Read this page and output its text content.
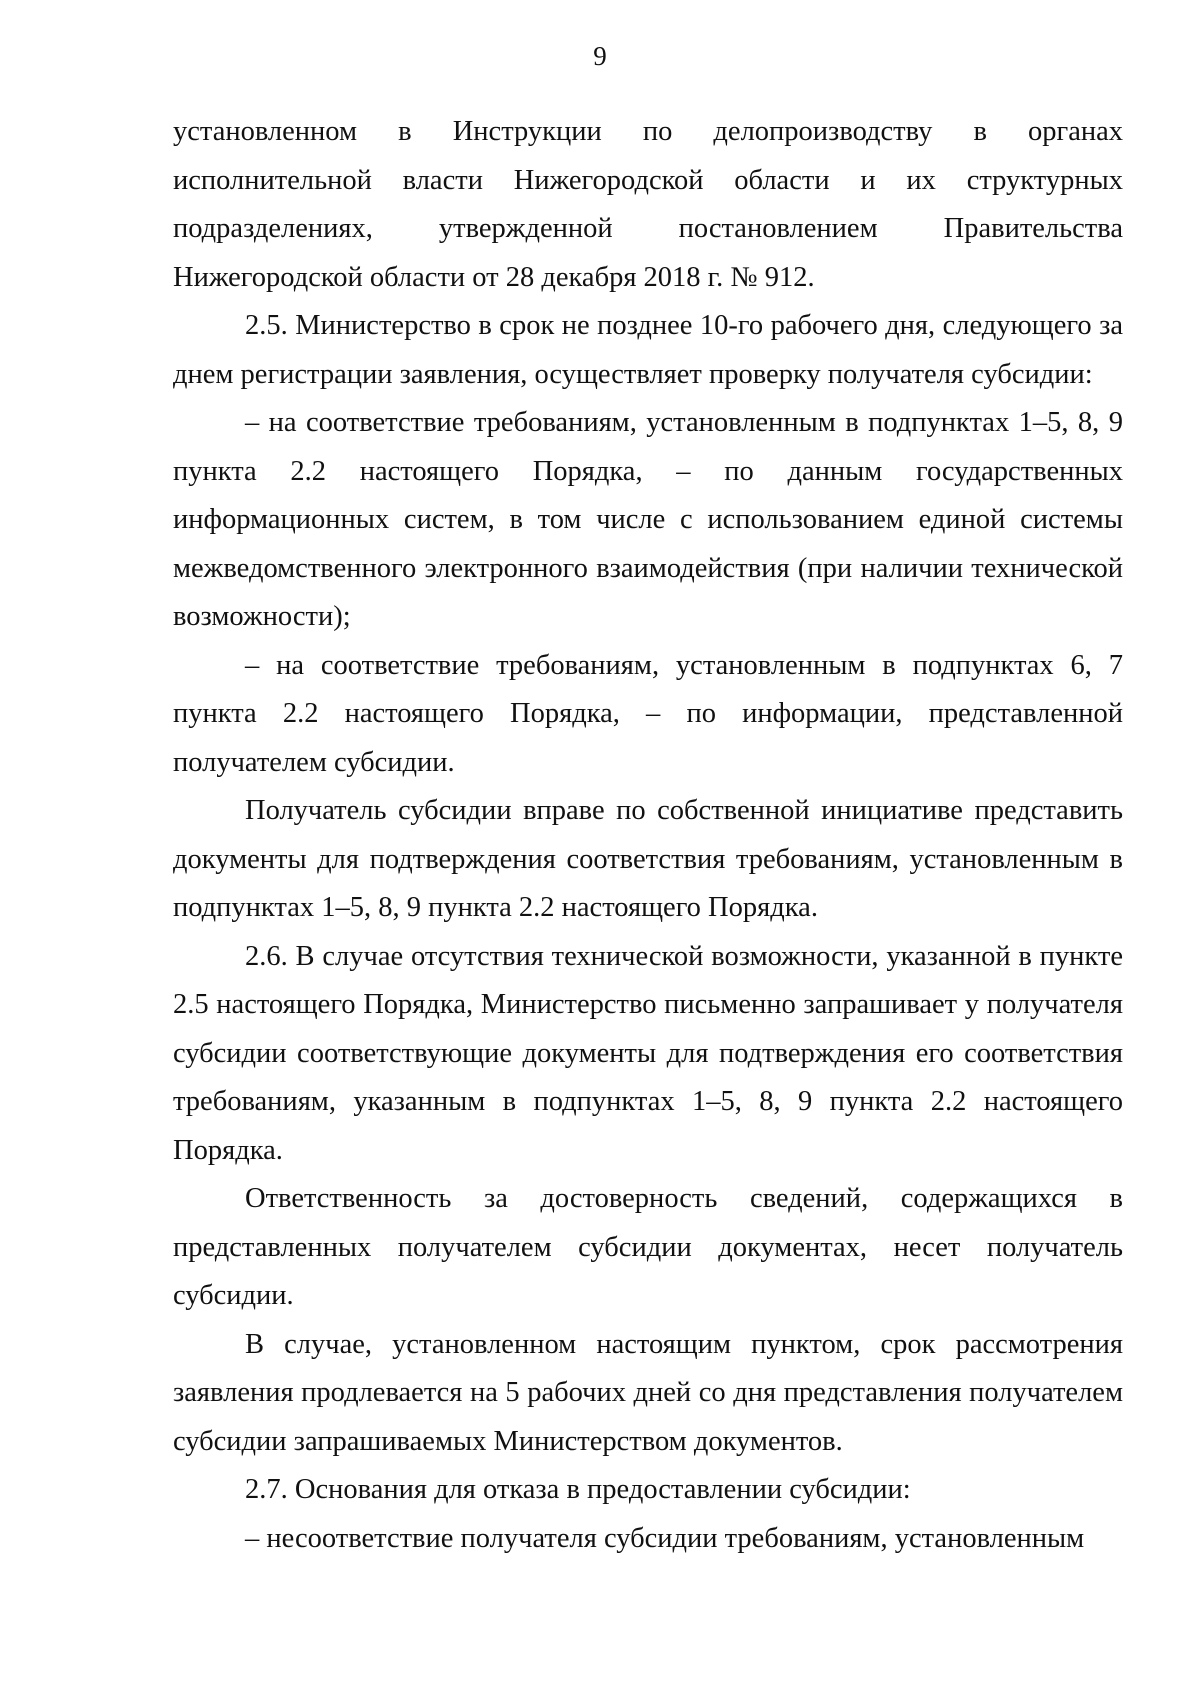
9

установленном в Инструкции по делопроизводству в органах исполнительной власти Нижегородской области и их структурных подразделениях, утвержденной постановлением Правительства Нижегородской области от 28 декабря 2018 г. № 912.

2.5. Министерство в срок не позднее 10-го рабочего дня, следующего за днем регистрации заявления, осуществляет проверку получателя субсидии:

– на соответствие требованиям, установленным в подпунктах 1–5, 8, 9 пункта 2.2 настоящего Порядка, – по данным государственных информационных систем, в том числе с использованием единой системы межведомственного электронного взаимодействия (при наличии технической возможности);

– на соответствие требованиям, установленным в подпунктах 6, 7 пункта 2.2 настоящего Порядка, – по информации, представленной получателем субсидии.

Получатель субсидии вправе по собственной инициативе представить документы для подтверждения соответствия требованиям, установленным в подпунктах 1–5, 8, 9 пункта 2.2 настоящего Порядка.

2.6. В случае отсутствия технической возможности, указанной в пункте 2.5 настоящего Порядка, Министерство письменно запрашивает у получателя субсидии соответствующие документы для подтверждения его соответствия требованиям, указанным в подпунктах 1–5, 8, 9 пункта 2.2 настоящего Порядка.

Ответственность за достоверность сведений, содержащихся в представленных получателем субсидии документах, несет получатель субсидии.

В случае, установленном настоящим пунктом, срок рассмотрения заявления продлевается на 5 рабочих дней со дня представления получателем субсидии запрашиваемых Министерством документов.

2.7. Основания для отказа в предоставлении субсидии:

– несоответствие получателя субсидии требованиям, установленным
